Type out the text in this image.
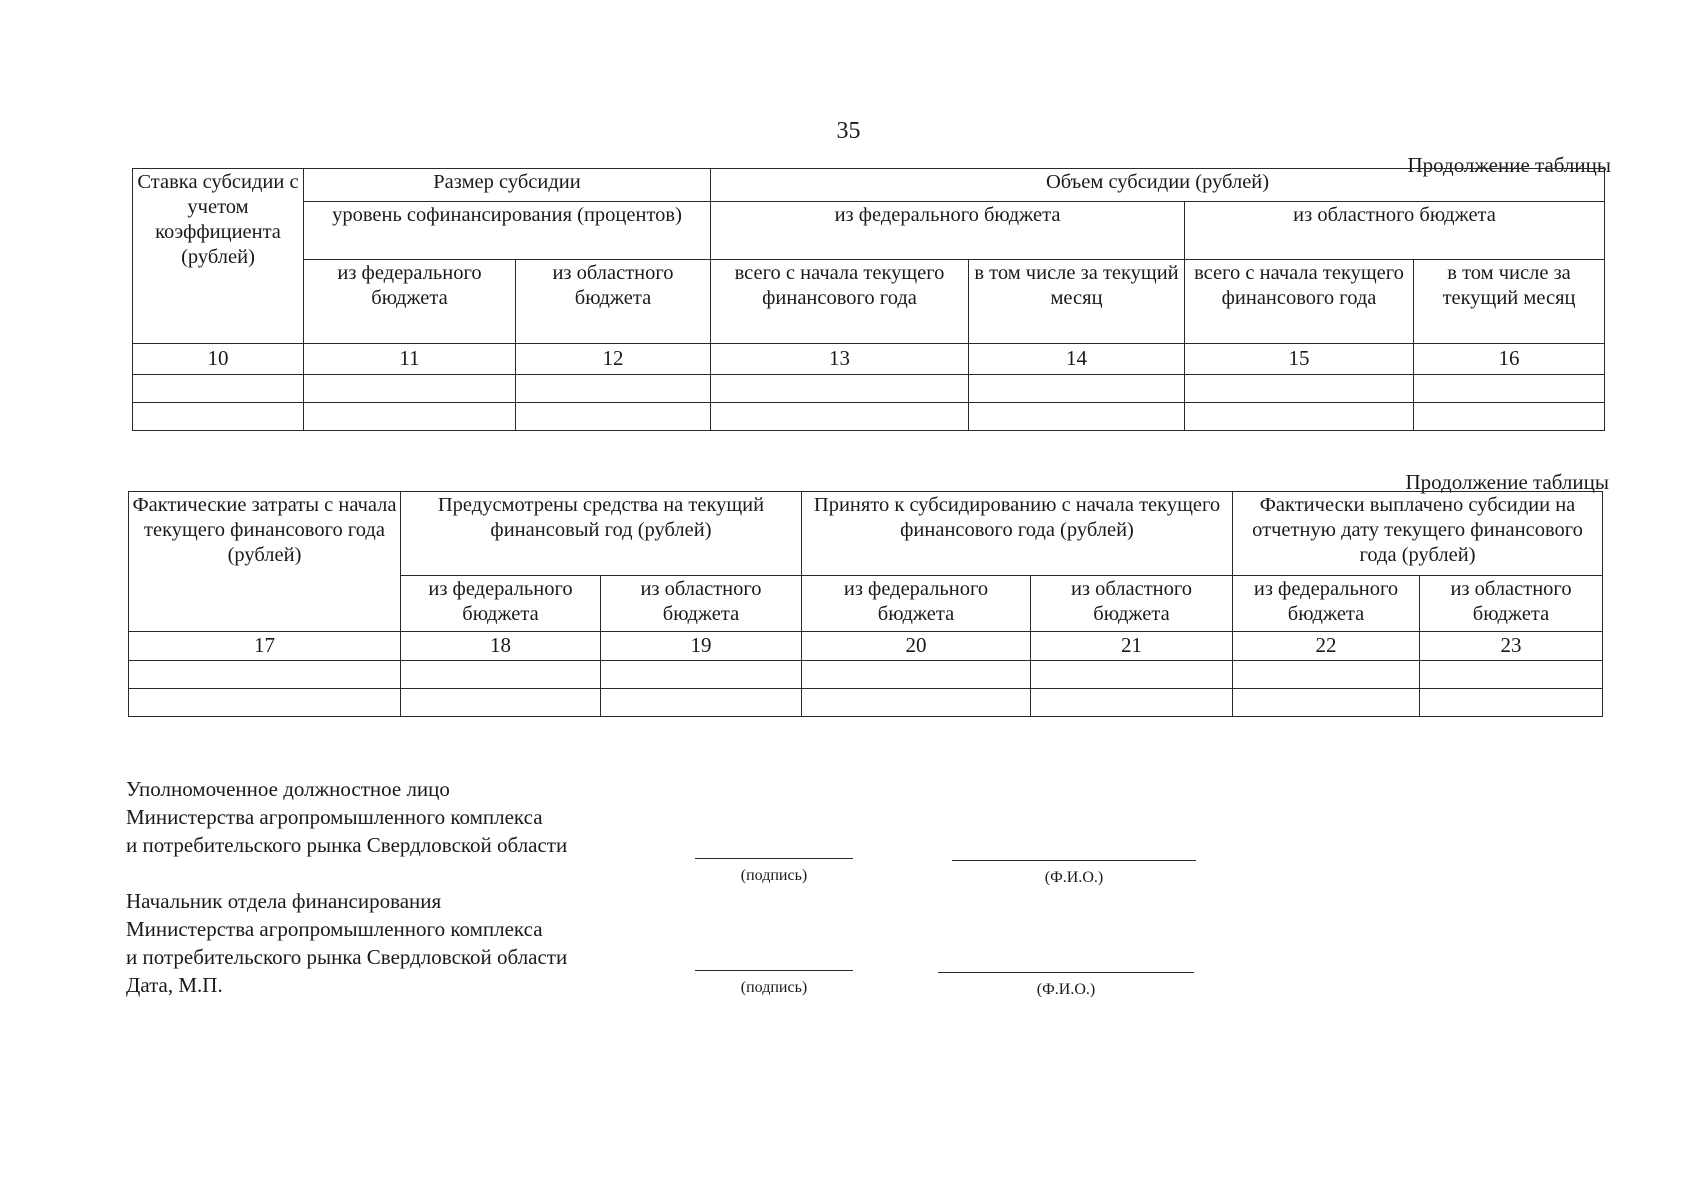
35
Продолжение таблицы
Ставка субсидии с учетом коэффициента (рублей)	Размер субсидии		Объем субсидии (рублей)			
	уровень софинансирования (процентов)		из федерального бюджета		из областного бюджета	
	из федерального бюджета	из областного бюджета	всего с начала текущего финансового года	в том числе за текущий месяц	всего с начала текущего финансового года	в том числе за текущий месяц
10	11	12	13	14	15	16

Продолжение таблицы
Фактические затраты с начала текущего финансового года (рублей)	Предусмотрены средства на текущий финансовый год (рублей)		Принято к субсидированию с начала текущего финансового года (рублей)		Фактически выплачено субсидии на отчетную дату текущего финансового года (рублей)	
	из федерального бюджета	из областного бюджета	из федерального бюджета	из областного бюджета	из федерального бюджета	из областного бюджета
17	18	19	20	21	22	23

Уполномоченное должностное лицо
Министерства агропромышленного комплекса
и потребительского рынка Свердловской области
(подпись)	(Ф.И.О.)
Начальник отдела финансирования
Министерства агропромышленного комплекса
и потребительского рынка Свердловской области
Дата, М.П.	(подпись)	(Ф.И.О.)
